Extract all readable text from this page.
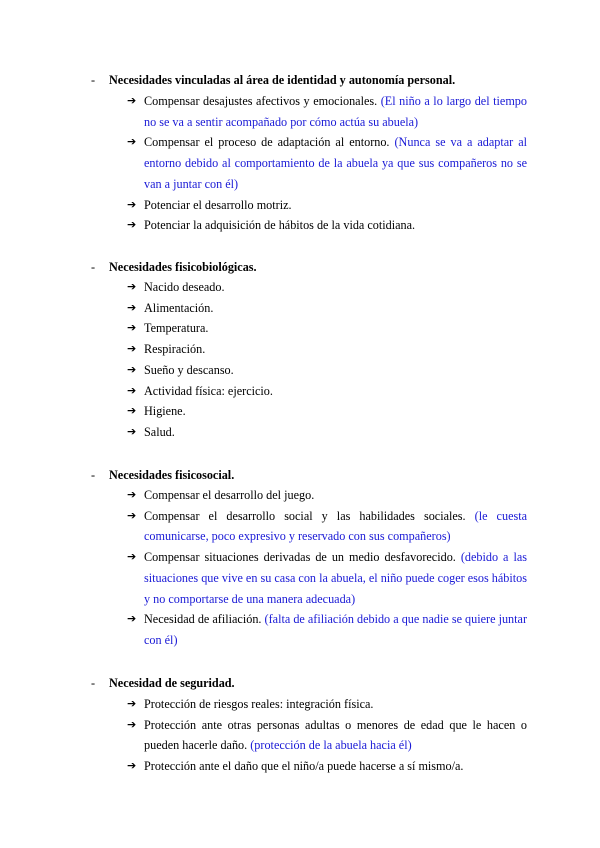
- Necesidades vinculadas al área de identidad y autonomía personal.
➔ Compensar desajustes afectivos y emocionales. (El niño a lo largo del tiempo no se va a sentir acompañado por cómo actúa su abuela)
➔ Compensar el proceso de adaptación al entorno. (Nunca se va a adaptar al entorno debido al comportamiento de la abuela ya que sus compañeros no se van a juntar con él)
➔ Potenciar el desarrollo motriz.
➔ Potenciar la adquisición de hábitos de la vida cotidiana.
- Necesidades fisicobiológicas.
➔ Nacido deseado.
➔ Alimentación.
➔ Temperatura.
➔ Respiración.
➔ Sueño y descanso.
➔ Actividad física: ejercicio.
➔ Higiene.
➔ Salud.
- Necesidades fisicosocial.
➔ Compensar el desarrollo del juego.
➔ Compensar el desarrollo social y las habilidades sociales. (le cuesta comunicarse, poco expresivo y reservado con sus compañeros)
➔ Compensar situaciones derivadas de un medio desfavorecido. (debido a las situaciones que vive en su casa con la abuela, el niño puede coger esos hábitos y no comportarse de una manera adecuada)
➔ Necesidad de afiliación. (falta de afiliación debido a que nadie se quiere juntar con él)
- Necesidad de seguridad.
➔ Protección de riesgos reales: integración física.
➔ Protección ante otras personas adultas o menores de edad que le hacen o pueden hacerle daño. (protección de la abuela hacia él)
➔ Protección ante el daño que el niño/a puede hacerse a sí mismo/a.
